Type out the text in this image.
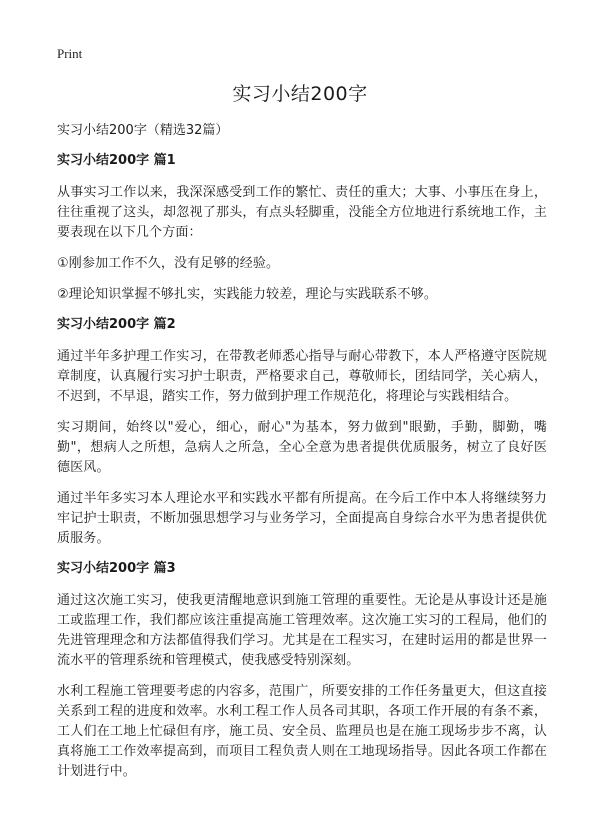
Print
实习小结200字

实习小结200字（精选32篇）

实习小结200字 篇1

从事实习工作以来，我深深感受到工作的繁忙、责任的重大；大事、小事压在身上，往往重视了这头，却忽视了那头，有点头轻脚重，没能全方位地进行系统地工作，主要表现在以下几个方面：

①刚参加工作不久，没有足够的经验。

②理论知识掌握不够扎实，实践能力较差，理论与实践联系不够。

实习小结200字 篇2

通过半年多护理工作实习，在带教老师悉心指导与耐心带教下，本人严格遵守医院规章制度，认真履行实习护士职责，严格要求自己，尊敬师长，团结同学，关心病人，不迟到，不早退，踏实工作，努力做到护理工作规范化，将理论与实践相结合。

实习期间，始终以"爱心，细心，耐心"为基本，努力做到"眼勤，手勤，脚勤，嘴勤"，想病人之所想，急病人之所急，全心全意为患者提供优质服务，树立了良好医德医风。

通过半年多实习本人理论水平和实践水平都有所提高。在今后工作中本人将继续努力牢记护士职责，不断加强思想学习与业务学习，全面提高自身综合水平为患者提供优质服务。

实习小结200字 篇3

通过这次施工实习，使我更清醒地意识到施工管理的重要性。无论是从事设计还是施工或监理工作，我们都应该注重提高施工管理效率。这次施工实习的工程局，他们的先进管理理念和方法都值得我们学习。尤其是在工程实习，在建时运用的都是世界一流水平的管理系统和管理模式，使我感受特别深刻。

水利工程施工管理要考虑的内容多，范围广，所要安排的工作任务量更大，但这直接关系到工程的进度和效率。水利工程工作人员各司其职，各项工作开展的有条不紊，工人们在工地上忙碌但有序，施工员、安全员、监理员也是在施工现场步步不离，认真将施工工作效率提高到，而项目工程负责人则在工地现场指导。因此各项工作都在计划进行中。
